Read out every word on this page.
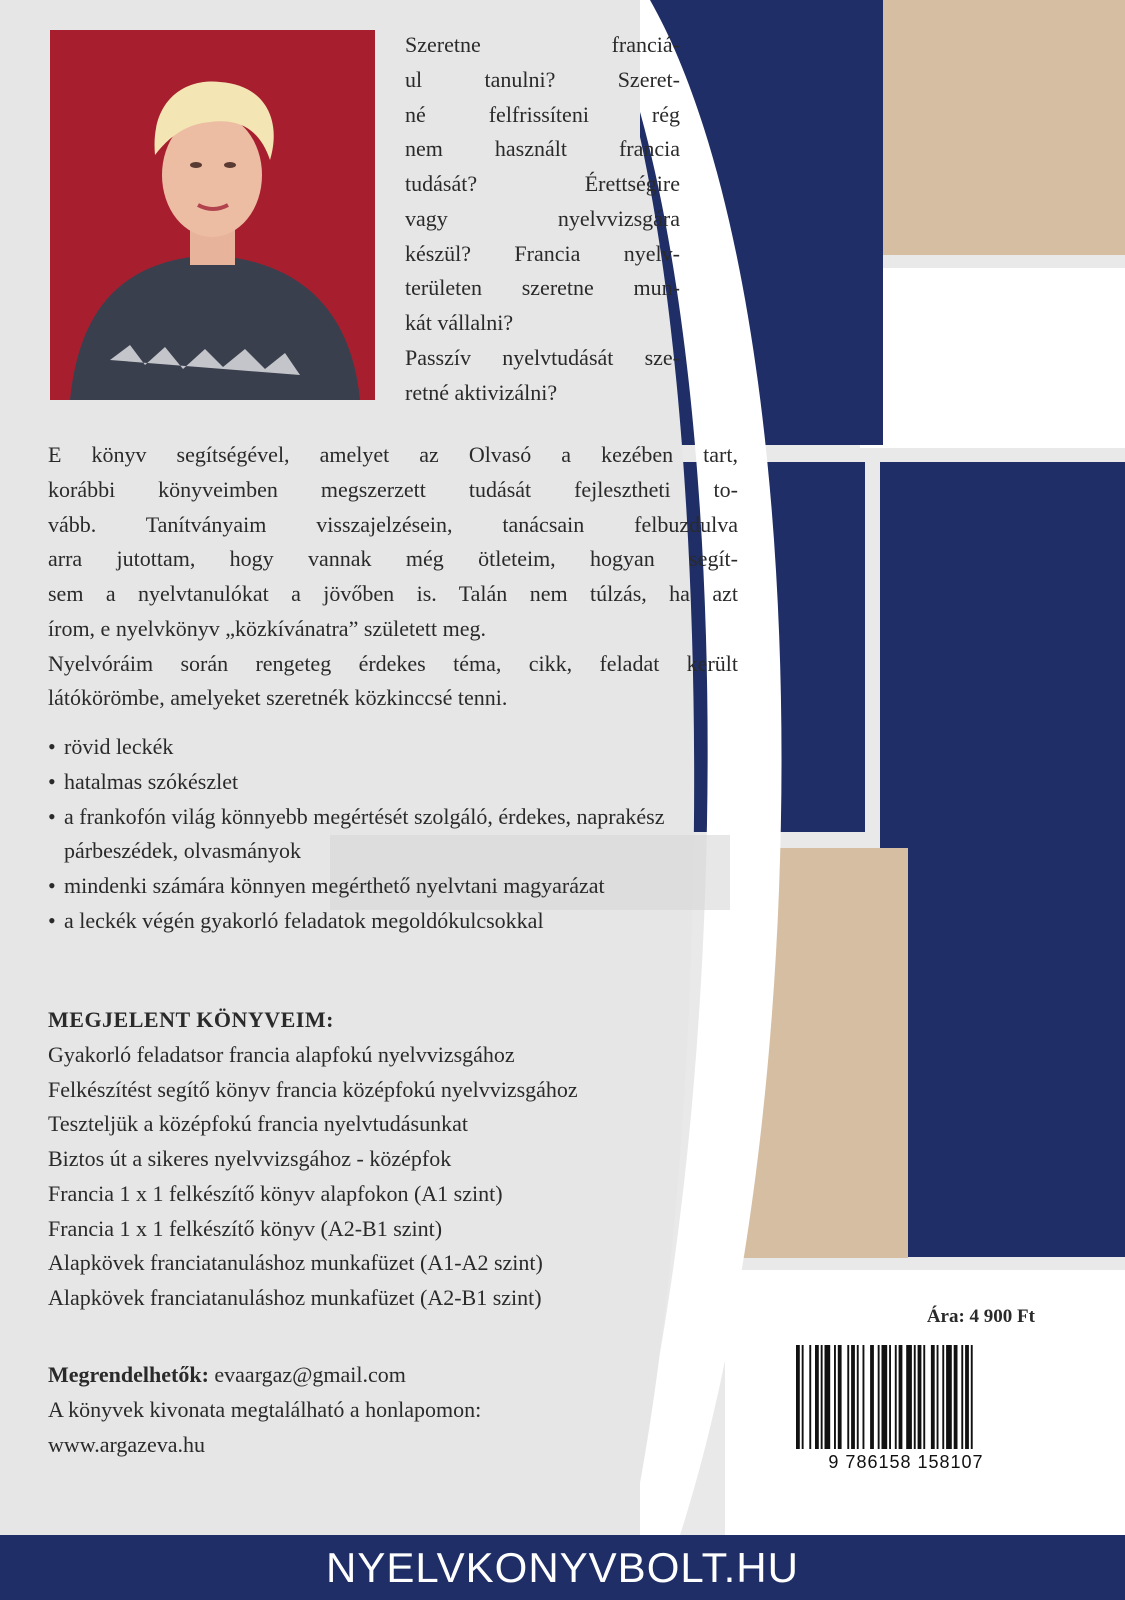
Szeretne franciá-

ul tanulni? Szeret-

né felfrissíteni rég

nem használt francia

tudását? Érettségire

vagy nyelvvizsgára

készül? Francia nyelv-

területen szeretne mun-

kát vállalni?

Passzív nyelvtudását sze-

retné aktivizálni?

E könyv segítségével, amelyet az Olvasó a kezében tart,

korábbi könyveimben megszerzett tudását fejlesztheti to-

vább. Tanítványaim visszajelzésein, tanácsain felbuzdulva

arra jutottam, hogy vannak még ötleteim, hogyan segít-

sem a nyelvtanulókat a jövőben is. Talán nem túlzás, ha azt

írom, e nyelvkönyv „közkívánatra” született meg.

Nyelvóráim során rengeteg érdekes téma, cikk, feladat került

látókörömbe, amelyeket szeretnék közkinccsé tenni.

• rövid leckék
• hatalmas szókészlet
• a frankofón világ könnyebb megértését szolgáló, érdekes, naprakész párbeszédek, olvasmányok
• mindenki számára könnyen megérthető nyelvtani magyarázat
• a leckék végén gyakorló feladatok megoldókulcsokkal
MEGJELENT KÖNYVEIM:
Gyakorló feladatsor francia alapfokú nyelvvizsgához
Felkészítést segítő könyv francia középfokú nyelvvizsgához
Teszteljük a középfokú francia nyelvtudásunkat
Biztos út a sikeres nyelvvizsgához - középfok
Francia 1 x 1 felkészítő könyv alapfokon (A1 szint)
Francia 1 x 1 felkészítő könyv (A2-B1 szint)
Alapkövek franciatanuláshoz munkafüzet (A1-A2 szint)
Alapkövek franciatanuláshoz munkafüzet (A2-B1 szint)
Megrendelhetők: evaargaz@gmail.com
A könyvek kivonata megtalálható a honlapomon:
www.argazeva.hu
Ára: 4 900 Ft
9 786158 158107
NYELVKONYVBOLT.HU
